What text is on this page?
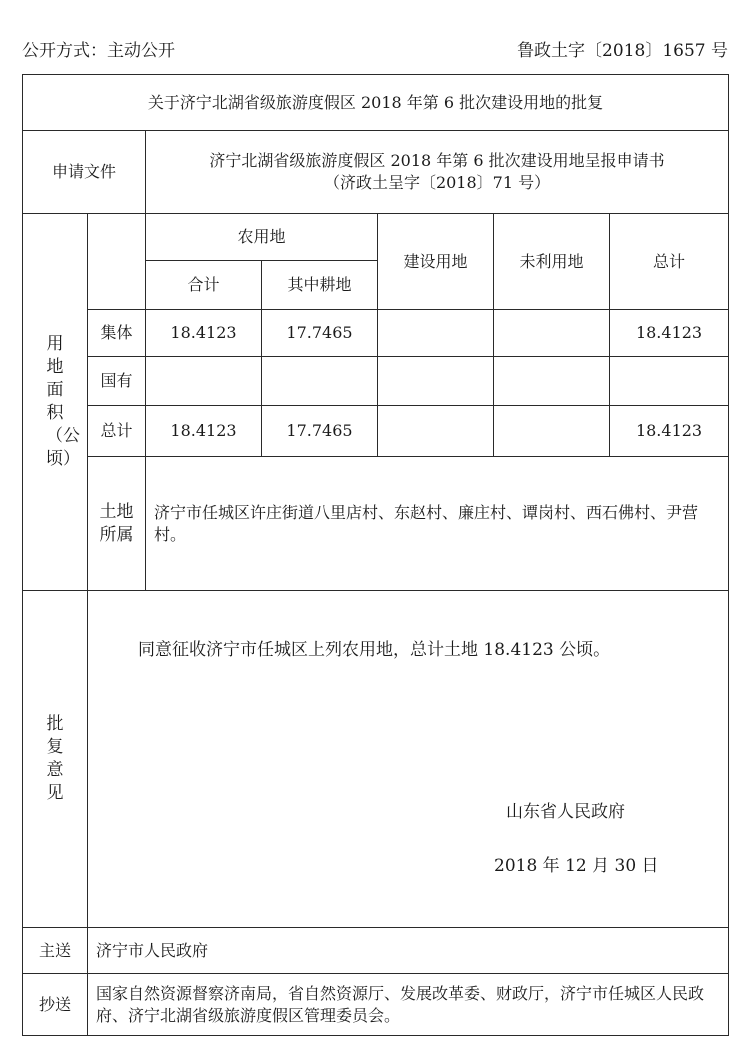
公开方式：主动公开	鲁政土字〔2018〕1657 号
关于济宁北湖省级旅游度假区 2018 年第 6 批次建设用地的批复						
申请文件		济宁北湖省级旅游度假区 2018 年第 6 批次建设用地呈报申请书
（济政土呈字〔2018〕71 号）				

用地面积（公顷）		农用地		建设用地	未利用地	总计
		合计	其中耕地			
	集体	18.4123	17.7465			18.4123
	国有					
	总计	18.4123	17.7465			18.4123
	土地所属	济宁市任城区许庄街道八里店村、东赵村、廉庄村、谭岗村、西石佛村、尹营村。				
批复意见	同意征收济宁市任城区上列农用地，总计土地 18.4123 公顷。
山东省人民政府
2018 年 12 月 30 日					

主送	济宁市人民政府					
抄送	国家自然资源督察济南局，省自然资源厅、发展改革委、财政厅，济宁市任城区人民政府、济宁北湖省级旅游度假区管理委员会。					
